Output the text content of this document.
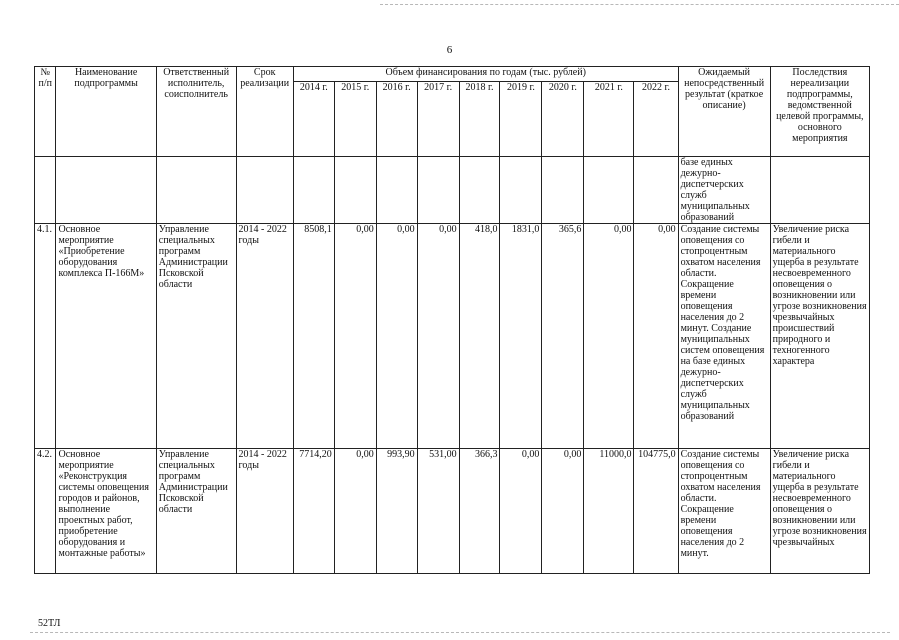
6
№ п/п	Наименование подпрограммы	Ответственный исполнитель, соисполнитель	Срок реализации	Объем финансирования по годам (тыс. рублей)									Ожидаемый непосредственный результат (краткое описание)	Последствия нереализации подпрограммы, ведомственной целевой программы, основного мероприятия
				2014 г.	2015 г.	2016 г.	2017 г.	2018 г.	2019 г.	2020 г.	2021 г.	2022 г.		
													базе единых дежурно-диспетчерских служб муниципальных образований	
4.1.	Основное мероприятие «Приобретение оборудования комплекса П-166М»	Управление специальных программ Администрации Псковской области	2014 - 2022 годы	8508,1	0,00	0,00	0,00	418,0	1831,0	365,6	0,00	0,00	Создание системы оповещения со стопроцентным охватом населения области. Сокращение времени оповещения населения до 2 минут. Создание муниципальных систем оповещения на базе единых дежурно-диспетчерских служб муниципальных образований	Увеличение риска гибели и материального ущерба в результате несвоевременного оповещения о возникновении или угрозе возникновения чрезвычайных происшествий природного и техногенного характера
4.2.	Основное мероприятие «Реконструкция системы оповещения городов и районов, выполнение проектных работ, приобретение оборудования и монтажные работы»	Управление специальных программ Администрации Псковской области	2014 - 2022 годы	7714,20	0,00	993,90	531,00	366,3	0,00	0,00	11000,0	104775,0	Создание системы оповещения со стопроцентным охватом населения области. Сокращение времени оповещения населения до 2 минут.	Увеличение риска гибели и материального ущерба в результате несвоевременного оповещения о возникновении или угрозе возникновения чрезвычайных
52ТЛ
